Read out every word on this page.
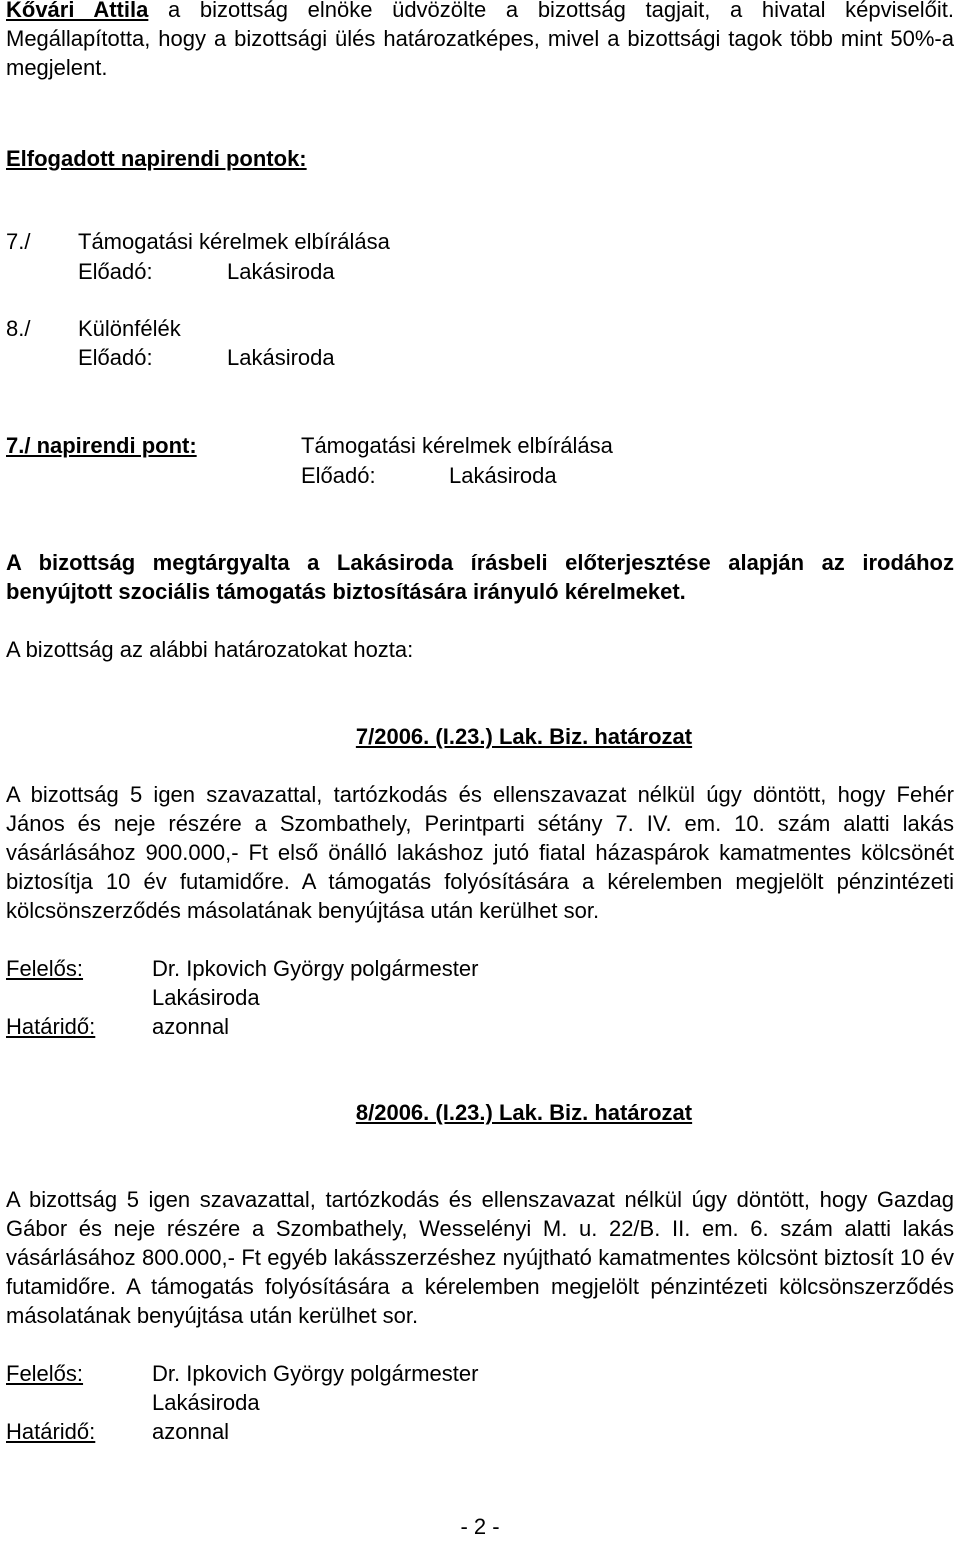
Kővári Attila a bizottság elnöke üdvözölte a bizottság tagjait, a hivatal képviselőit. Megállapította, hogy a bizottsági ülés határozatképes, mivel a bizottsági tagok több mint 50%-a megjelent.
Elfogadott napirendi pontok:
7./ Támogatási kérelmek elbírálása
Előadó:	Lakásiroda
8./ Különfélék
Előadó:	Lakásiroda
7./ napirendi pont:	Támogatási kérelmek elbírálása
Előadó:	Lakásiroda
A bizottság megtárgyalta a Lakásiroda írásbeli előterjesztése alapján az irodához benyújtott szociális támogatás biztosítására irányuló kérelmeket.
A bizottság az alábbi határozatokat hozta:
7/2006. (I.23.) Lak. Biz. határozat
A bizottság 5 igen szavazattal, tartózkodás és ellenszavazat nélkül úgy döntött, hogy Fehér János és neje részére a Szombathely, Perintparti sétány 7. IV. em. 10. szám alatti lakás vásárlásához 900.000,- Ft első önálló lakáshoz jutó fiatal házaspárok kamatmentes kölcsönét biztosítja 10 év futamidőre. A támogatás folyósítására a kérelemben megjelölt pénzintézeti kölcsönszerződés másolatának benyújtása után kerülhet sor.
Felelős:	Dr. Ipkovich György polgármester
Lakásiroda
Határidő:	azonnal
8/2006. (I.23.) Lak. Biz. határozat
A bizottság 5 igen szavazattal, tartózkodás és ellenszavazat nélkül úgy döntött, hogy Gazdag Gábor és neje részére a Szombathely, Wesselényi M. u. 22/B. II. em. 6. szám alatti lakás vásárlásához 800.000,- Ft egyéb lakásszerzéshez nyújtható kamatmentes kölcsönt biztosít 10 év futamidőre. A támogatás folyósítására a kérelemben megjelölt pénzintézeti kölcsönszerződés másolatának benyújtása után kerülhet sor.
Felelős:	Dr. Ipkovich György polgármester
Lakásiroda
Határidő:	azonnal
- 2 -
